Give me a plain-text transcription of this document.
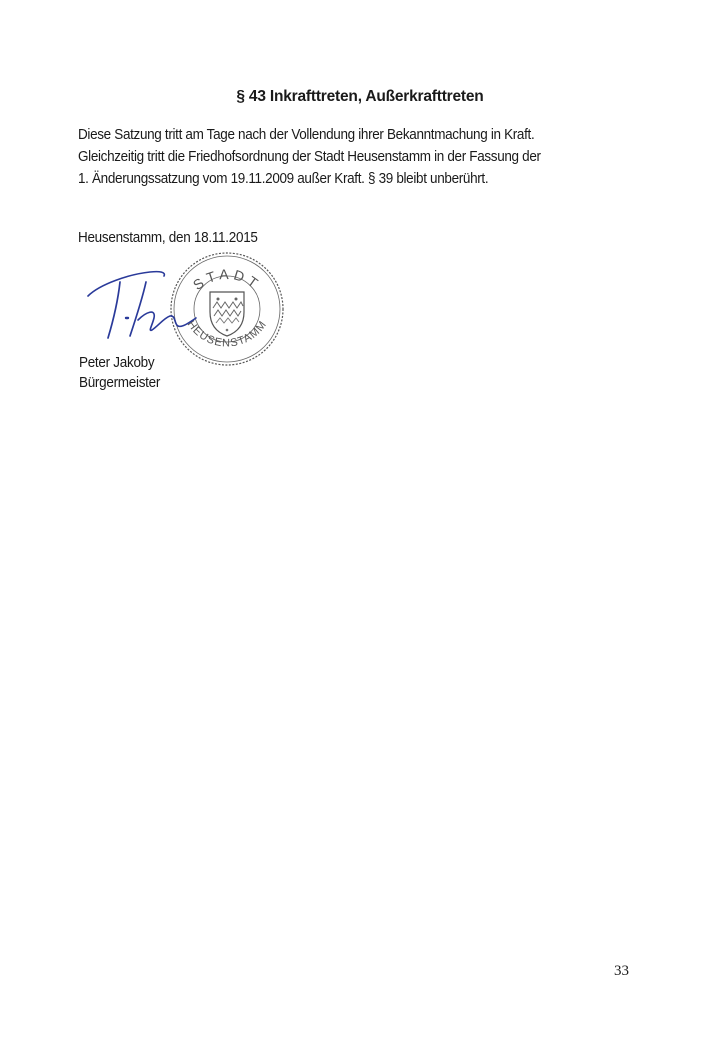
§ 43 Inkrafttreten, Außerkrafttreten
Diese Satzung tritt am Tage nach der Vollendung ihrer Bekanntmachung in Kraft.
Gleichzeitig tritt die Friedhofsordnung der Stadt Heusenstamm in der Fassung der
1. Änderungssatzung vom 19.11.2009 außer Kraft. § 39 bleibt unberührt.
Heusenstamm, den 18.11.2015
STADT
HEUSENSTAMM
Peter Jakoby
Bürgermeister
33
